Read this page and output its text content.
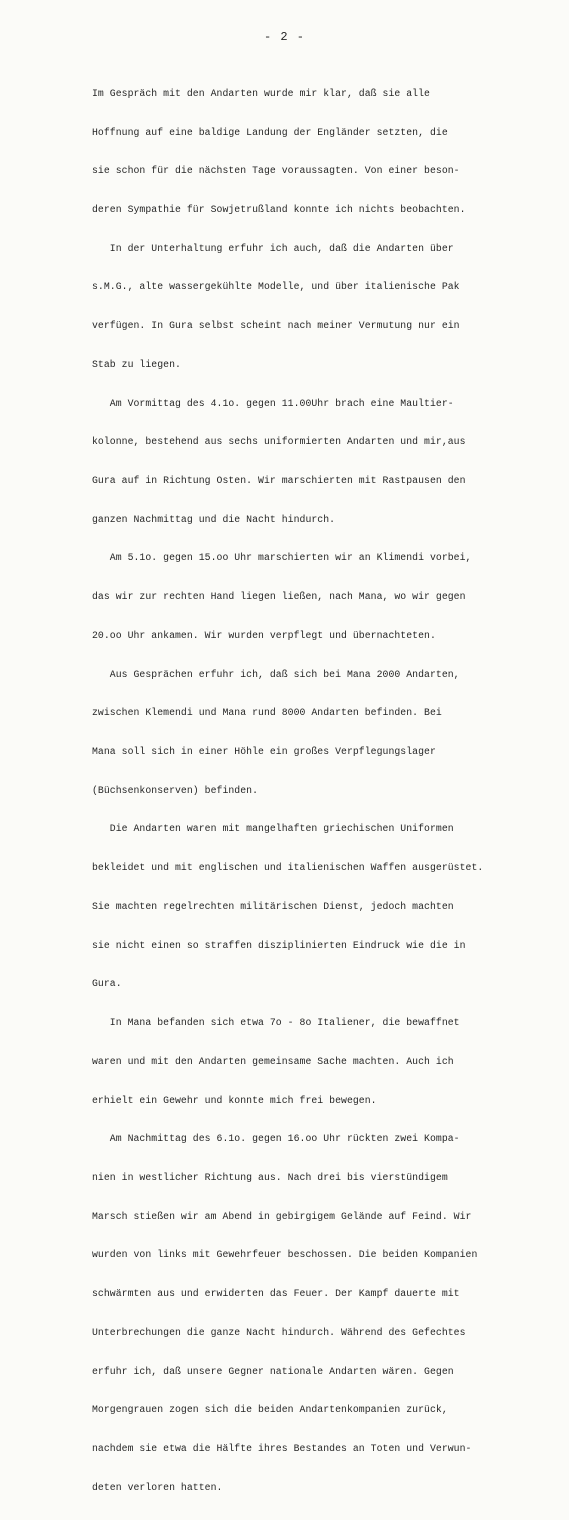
- 2 -

Im Gespräch mit den Andarten wurde mir klar, daß sie alle

Hoffnung auf eine baldige Landung der Engländer setzten, die

sie schon für die nächsten Tage voraussagten. Von einer beson-

deren Sympathie für Sowjetrußland konnte ich nichts beobachten.

In der Unterhaltung erfuhr ich auch, daß die Andarten über

s.M.G., alte wassergekühlte Modelle, und über italienische Pak

verfügen. In Gura selbst scheint nach meiner Vermutung nur ein

Stab zu liegen.

Am Vormittag des 4.1o. gegen 11.00Uhr brach eine Maultier-

kolonne, bestehend aus sechs uniformierten Andarten und mir,aus

Gura auf in Richtung Osten. Wir marschierten mit Rastpausen den

ganzen Nachmittag und die Nacht hindurch.

Am 5.1o. gegen 15.oo Uhr marschierten wir an Klimendi vorbei,

das wir zur rechten Hand liegen ließen, nach Mana, wo wir gegen

20.oo Uhr ankamen. Wir wurden verpflegt und übernachteten.

Aus Gesprächen erfuhr ich, daß sich bei Mana 2000 Andarten,

zwischen Klemendi und Mana rund 8000 Andarten befinden. Bei

Mana soll sich in einer Höhle ein großes Verpflegungslager

(Büchsenkonserven) befinden.

Die Andarten waren mit mangelhaften griechischen Uniformen

bekleidet und mit englischen und italienischen Waffen ausgerüstet.

Sie machten regelrechten militärischen Dienst, jedoch machten

sie nicht einen so straffen disziplinierten Eindruck wie die in

Gura.

In Mana befanden sich etwa 7o - 8o Italiener, die bewaffnet

waren und mit den Andarten gemeinsame Sache machten. Auch ich

erhielt ein Gewehr und konnte mich frei bewegen.

Am Nachmittag des 6.1o. gegen 16.oo Uhr rückten zwei Kompa-

nien in westlicher Richtung aus. Nach drei bis vierstündigem

Marsch stießen wir am Abend in gebirgigem Gelände auf Feind. Wir

wurden von links mit Gewehrfeuer beschossen. Die beiden Kompanien

schwärmten aus und erwiderten das Feuer. Der Kampf dauerte mit

Unterbrechungen die ganze Nacht hindurch. Während des Gefechtes

erfuhr ich, daß unsere Gegner nationale Andarten wären. Gegen

Morgengrauen zogen sich die beiden Andartenkompanien zurück,

nachdem sie etwa die Hälfte ihres Bestandes an Toten und Verwun-

deten verloren hatten.
